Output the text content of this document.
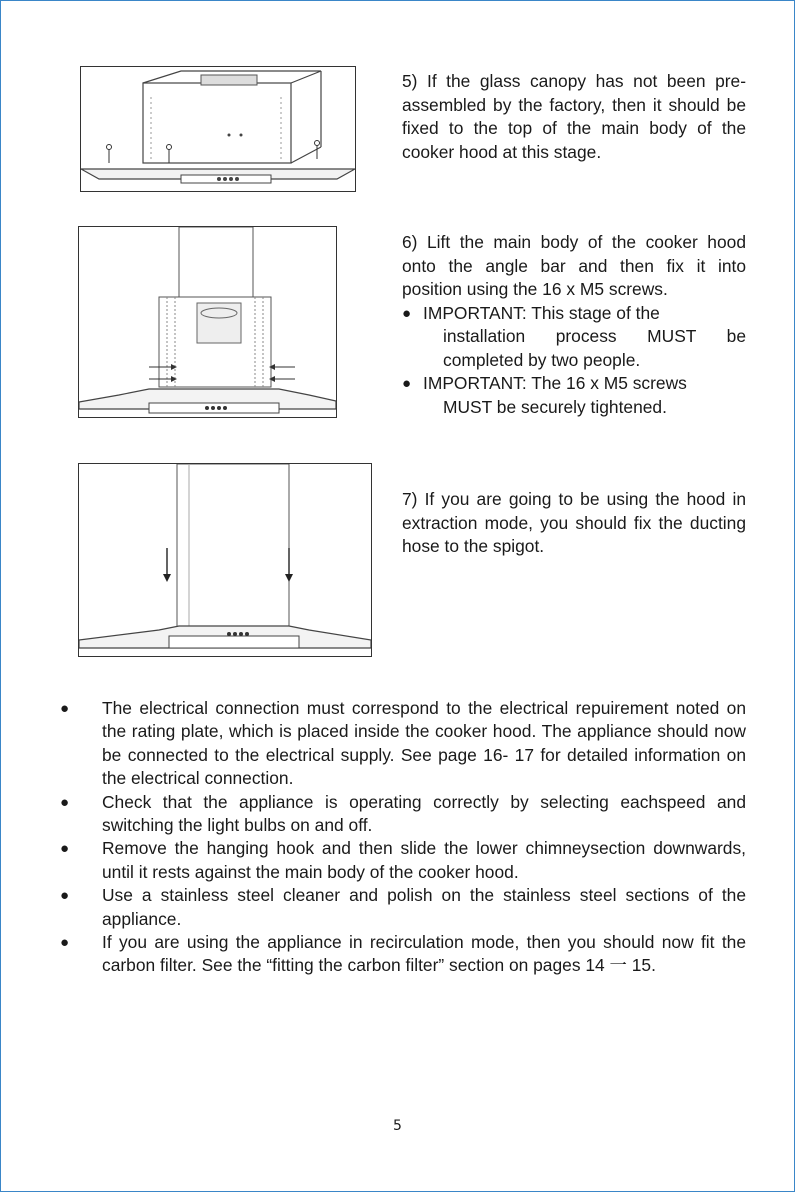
5) If the glass canopy has not been pre-assembled by the factory, then it should be fixed to the top of the main body of the cooker hood at this stage.

6) Lift the main body of the cooker hood onto the angle bar and then fix it into position using the 16 x M5 screws.

● IMPORTANT: This stage of the
installation process MUST be completed by two people.
● IMPORTANT: The 16 x M5 screws
MUST be securely tightened.

7) If you are going to be using the hood in

extraction mode, you should fix the ducting

hose to the spigot.

● The electrical connection must correspond to the electrical repuirement noted on the rating plate, which is placed inside the cooker hood. The appliance should now be connected to the electrical supply. See page 16- 17 for detailed information on the electrical connection.
● Check that the appliance is operating correctly by selecting eachspeed and switching the light bulbs on and off.
● Remove the hanging hook and then slide the lower chimneysection downwards, until it rests against the main body of the cooker hood.
● Use a stainless steel cleaner and polish on the stainless steel sections of the appliance.
● If you are using the appliance in recirculation mode, then you should now fit the carbon filter. See the “fitting the carbon filter” section on pages 14 一 15.
5
